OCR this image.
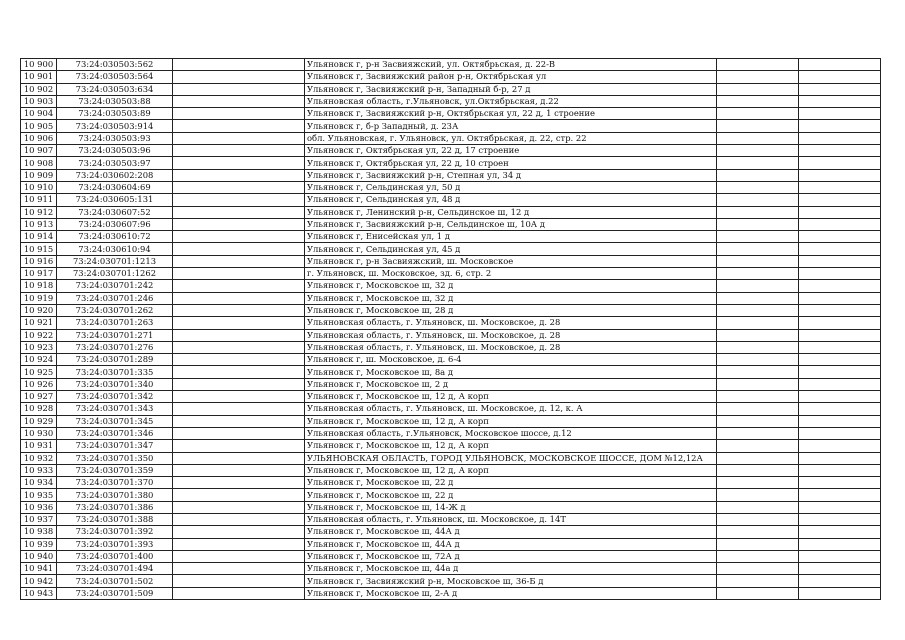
10 900	73:24:030503:562		Ульяновск г, р-н Засвияжский, ул. Октябрьская, д. 22-В		
10 901	73:24:030503:564		Ульяновск г, Засвияжский район р-н, Октябрьская ул		
10 902	73:24:030503:634		Ульяновск г, Засвияжский р-н, Западный б-р, 27 д		
10 903	73:24:030503:88		Ульяновская область, г.Ульяновск, ул.Октябрьская, д.22		
10 904	73:24:030503:89		Ульяновск г, Засвияжский р-н, Октябрьская ул, 22 д, 1 строение		
10 905	73:24:030503:914		Ульяновск г, б-р Западный, д. 23А		
10 906	73:24:030503:93		обл. Ульяновская, г. Ульяновск, ул. Октябрьская, д. 22, стр. 22		
10 907	73:24:030503:96		Ульяновск г, Октябрьская ул, 22 д, 17 строение		
10 908	73:24:030503:97		Ульяновск г, Октябрьская ул, 22 д, 10 строен		
10 909	73:24:030602:208		Ульяновск г, Засвияжский р-н, Степная ул, 34 д		
10 910	73:24:030604:69		Ульяновск г, Сельдинская ул, 50 д		
10 911	73:24:030605:131		Ульяновск г, Сельдинская ул, 48 д		
10 912	73:24:030607:52		Ульяновск г, Ленинский р-н, Сельдинское ш, 12 д		
10 913	73:24:030607:96		Ульяновск г, Засвияжский р-н, Сельдинское ш, 10А д		
10 914	73:24:030610:72		Ульяновск г, Енисейская ул, 1 д		
10 915	73:24:030610:94		Ульяновск г, Сельдинская ул, 45 д		
10 916	73:24:030701:1213		Ульяновск г, р-н Засвияжский, ш. Московское		
10 917	73:24:030701:1262		г. Ульяновск, ш. Московское, зд. 6, стр. 2		
10 918	73:24:030701:242		Ульяновск г, Московское ш, 32 д		
10 919	73:24:030701:246		Ульяновск г, Московское ш, 32 д		
10 920	73:24:030701:262		Ульяновск г, Московское ш, 28 д		
10 921	73:24:030701:263		Ульяновская область, г. Ульяновск, ш. Московское, д. 28		
10 922	73:24:030701:271		Ульяновская область, г. Ульяновск, ш. Московское, д. 28		
10 923	73:24:030701:276		Ульяновская область, г. Ульяновск, ш. Московское, д. 28		
10 924	73:24:030701:289		Ульяновск г, ш. Московское, д. 6-4		
10 925	73:24:030701:335		Ульяновск г, Московское ш, 8а д		
10 926	73:24:030701:340		Ульяновск г, Московское ш, 2 д		
10 927	73:24:030701:342		Ульяновск г, Московское ш, 12 д, А корп		
10 928	73:24:030701:343		Ульяновская область, г. Ульяновск, ш. Московское, д. 12, к. А		
10 929	73:24:030701:345		Ульяновск г, Московское ш, 12 д, А корп		
10 930	73:24:030701:346		Ульяновская область, г.Ульяновск, Московское шоссе, д.12		
10 931	73:24:030701:347		Ульяновск г, Московское ш, 12 д, А корп		
10 932	73:24:030701:350		УЛЬЯНОВСКАЯ ОБЛАСТЬ, ГОРОД УЛЬЯНОВСК, МОСКОВСКОЕ ШОССЕ, ДОМ №12,12А		
10 933	73:24:030701:359		Ульяновск г, Московское ш, 12 д, А корп		
10 934	73:24:030701:370		Ульяновск г, Московское ш, 22 д		
10 935	73:24:030701:380		Ульяновск г, Московское ш, 22 д		
10 936	73:24:030701:386		Ульяновск г, Московское ш, 14-Ж д		
10 937	73:24:030701:388		Ульяновская область, г. Ульяновск, ш. Московское, д. 14Т		
10 938	73:24:030701:392		Ульяновск г, Московское ш, 44А д		
10 939	73:24:030701:393		Ульяновск г, Московское ш, 44А д		
10 940	73:24:030701:400		Ульяновск г, Московское ш, 72А д		
10 941	73:24:030701:494		Ульяновск г, Московское ш, 44а д		
10 942	73:24:030701:502		Ульяновск г, Засвияжский р-н, Московское ш, 36-Б д		
10 943	73:24:030701:509		Ульяновск г, Московское ш, 2-А д		
